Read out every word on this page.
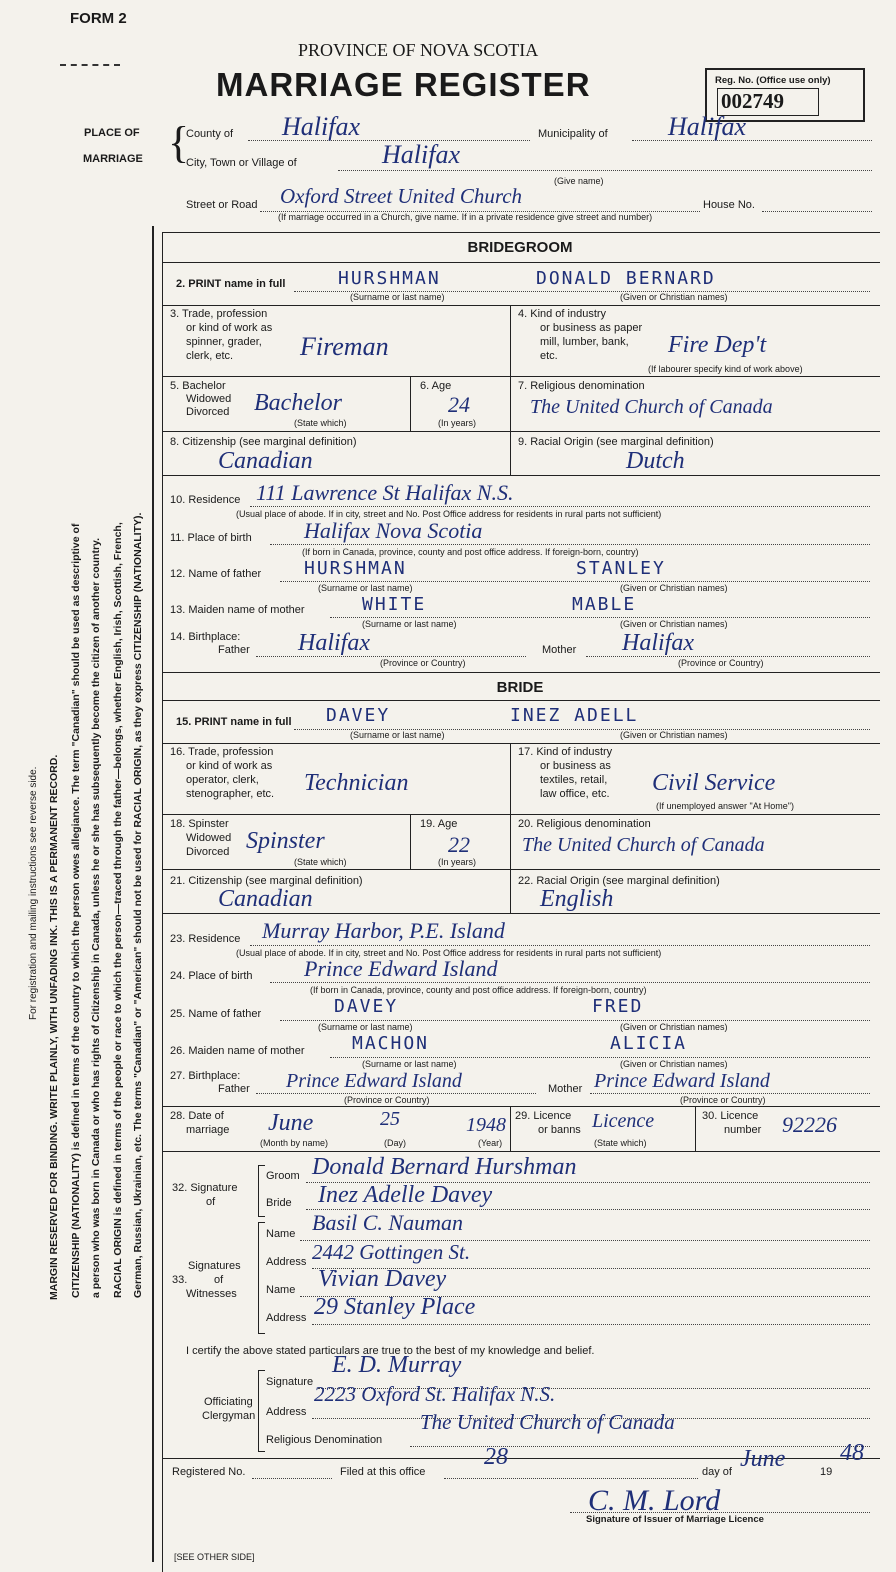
FORM 2
PROVINCE OF NOVA SCOTIA
MARRIAGE REGISTER	Reg. No. (Office use only)
002749
PLACE OF
MARRIAGE {
County of Halifax	Municipality of Halifax
City, Town or Village of	Halifax
(Give name)
Street or Road Oxford Street United Church	House No.
(If marriage occurred in a Church, give name. If in a private residence give street and number)
For registration and mailing instructions see reverse side. MARGIN RESERVED FOR BINDING. WRITE PLAINLY, WITH UNFADING INK. THIS IS A PERMANENT RECORD. CITIZENSHIP (NATIONALITY) is defined in terms of the country to which the person owes allegiance. The term "Canadian" should be used as descriptive of a person who was born in Canada or who has rights of Citizenship in Canada, unless he or she has subsequently become the citizen of another country. RACIAL ORIGIN is defined in terms of the people or race to which the person—traced through the father—belongs, whether English, Irish, Scottish, French, German, Russian, Ukrainian, etc. The terms "Canadian" or "American" should not be used for RACIAL ORIGIN, as they express CITIZENSHIP (NATIONALITY).
BRIDEGROOM
2. PRINT name in full	HURSHMAN	DONALD BERNARD
(Surname or last name)	(Given or Christian names)
3. Trade, profession
or kind of work as
spinner, grader,
clerk, etc.	Fireman
4. Kind of industry
or business as paper
mill, lumber, bank,
etc.	Fire Dep't
(If labourer specify kind of work above)
5. Bachelor
Widowed
Divorced Bachelor
(State which)
6. Age
24
(In years)
7. Religious denomination
The United Church of Canada
8. Citizenship (see marginal definition)
Canadian
9. Racial Origin (see marginal definition)
Dutch
10. Residence 111 Lawrence St Halifax N.S.
(Usual place of abode. If in city, street and No. Post Office address for residents in rural parts not sufficient)
11. Place of birth Halifax Nova Scotia
(If born in Canada, province, county and post office address. If foreign-born, country)
12. Name of father HURSHMAN	STANLEY
(Surname or last name)	(Given or Christian names)
13. Maiden name of mother	WHITE	MABLE
(Surname or last name)	(Given or Christian names)
14. Birthplace:
Father Halifax
(Province or Country)
Mother Halifax
(Province or Country)
BRIDE
15. PRINT name in full DAVEY	INEZ ADELL
(Surname or last name)	(Given or Christian names)
16. Trade, profession
or kind of work as
operator, clerk,
stenographer, etc. Technician
17. Kind of industry
or business as
textiles, retail,
law office, etc. Civil Service
(If unemployed answer "At Home")
18. Spinster
Widowed
Divorced Spinster
(State which)
19. Age
22
(In years)
20. Religious denomination
The United Church of Canada
21. Citizenship (see marginal definition)
Canadian
22. Racial Origin (see marginal definition)
English
23. Residence Murray Harbor, P.E. Island
(Usual place of abode. If in city, street and No. Post Office address for residents in rural parts not sufficient)
24. Place of birth Prince Edward Island
(If born in Canada, province, county and post office address. If foreign-born, country)
25. Name of father	DAVEY	FRED
(Surname or last name)	(Given or Christian names)
26. Maiden name of mother	MACHON	ALICIA
(Surname or last name)	(Given or Christian names)
27. Birthplace:
Father Prince Edward Island
(Province or Country)
Mother Prince Edward Island
(Province or Country)
28. Date of
marriage June	25	1948
(Month by name)	(Day)	(Year)
29. Licence
or banns Licence
(State which)
30. Licence
number 92226
32. Signature
of
Groom Donald Bernard Hurshman
Bride Inez Adelle Davey
Signatures
33. of
Witnesses
Name Basil C. Nauman
Address 2442 Gottingen St.
Name Vivian Davey
Address 29 Stanley Place
I certify the above stated particulars are true to the best of my knowledge and belief.
Officiating
Clergyman
Signature
E. D. Murray
Address
2223 Oxford St. Halifax N.S.
Religious Denomination
The United Church of Canada
Registered No.	Filed at this office
28
day of June	19
48
C. M. Lord
Signature of Issuer of Marriage Licence
[SEE OTHER SIDE]
